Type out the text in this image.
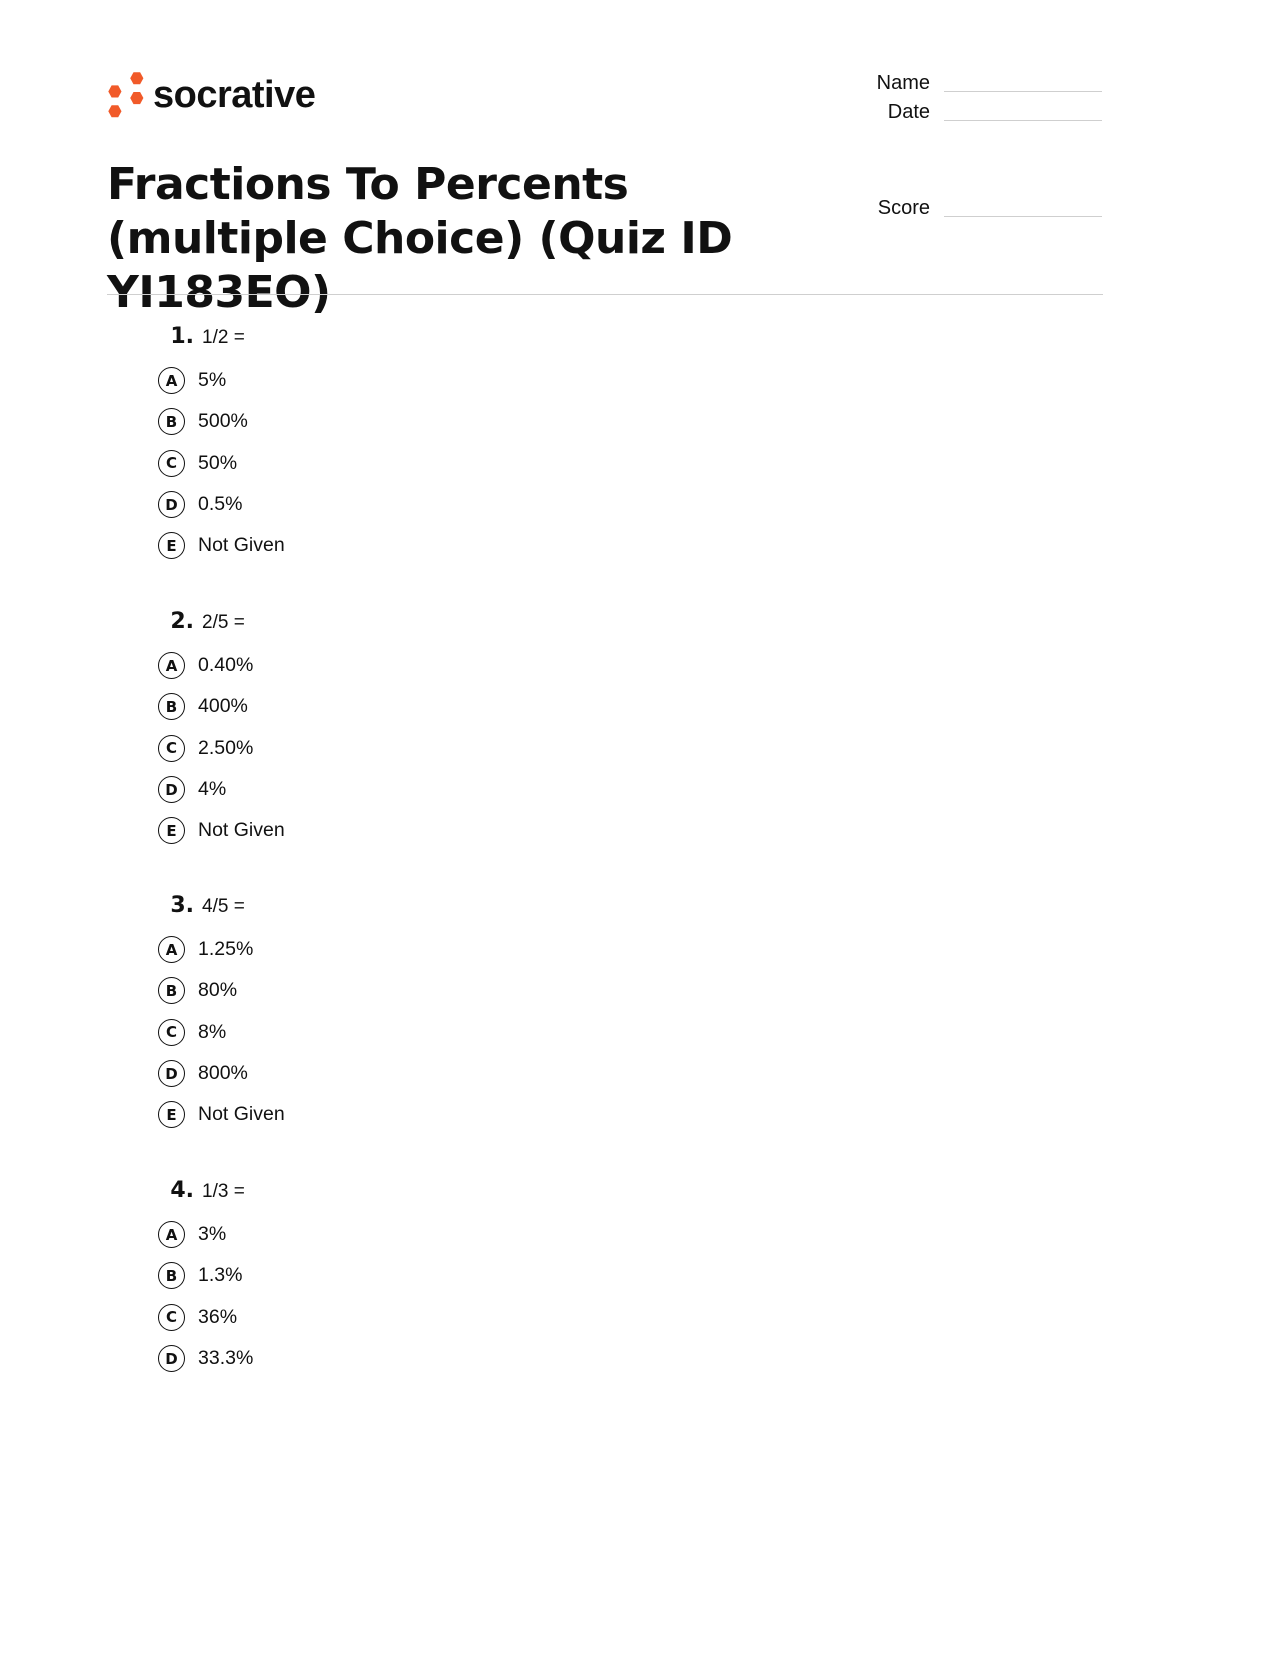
socrative	Name
Date
Score
Fractions To Percents (multiple Choice) (Quiz ID YI183EO)
1. 1/2 =
A	5%
B	500%
C	50%
D	0.5%
E	Not Given
2. 2/5 =
A	0.40%
B	400%
C	2.50%
D	4%
E	Not Given
3. 4/5 =
A	1.25%
B	80%
C	8%
D	800%
E	Not Given
4. 1/3 =
A	3%
B	1.3%
C	36%
D	33.3%
